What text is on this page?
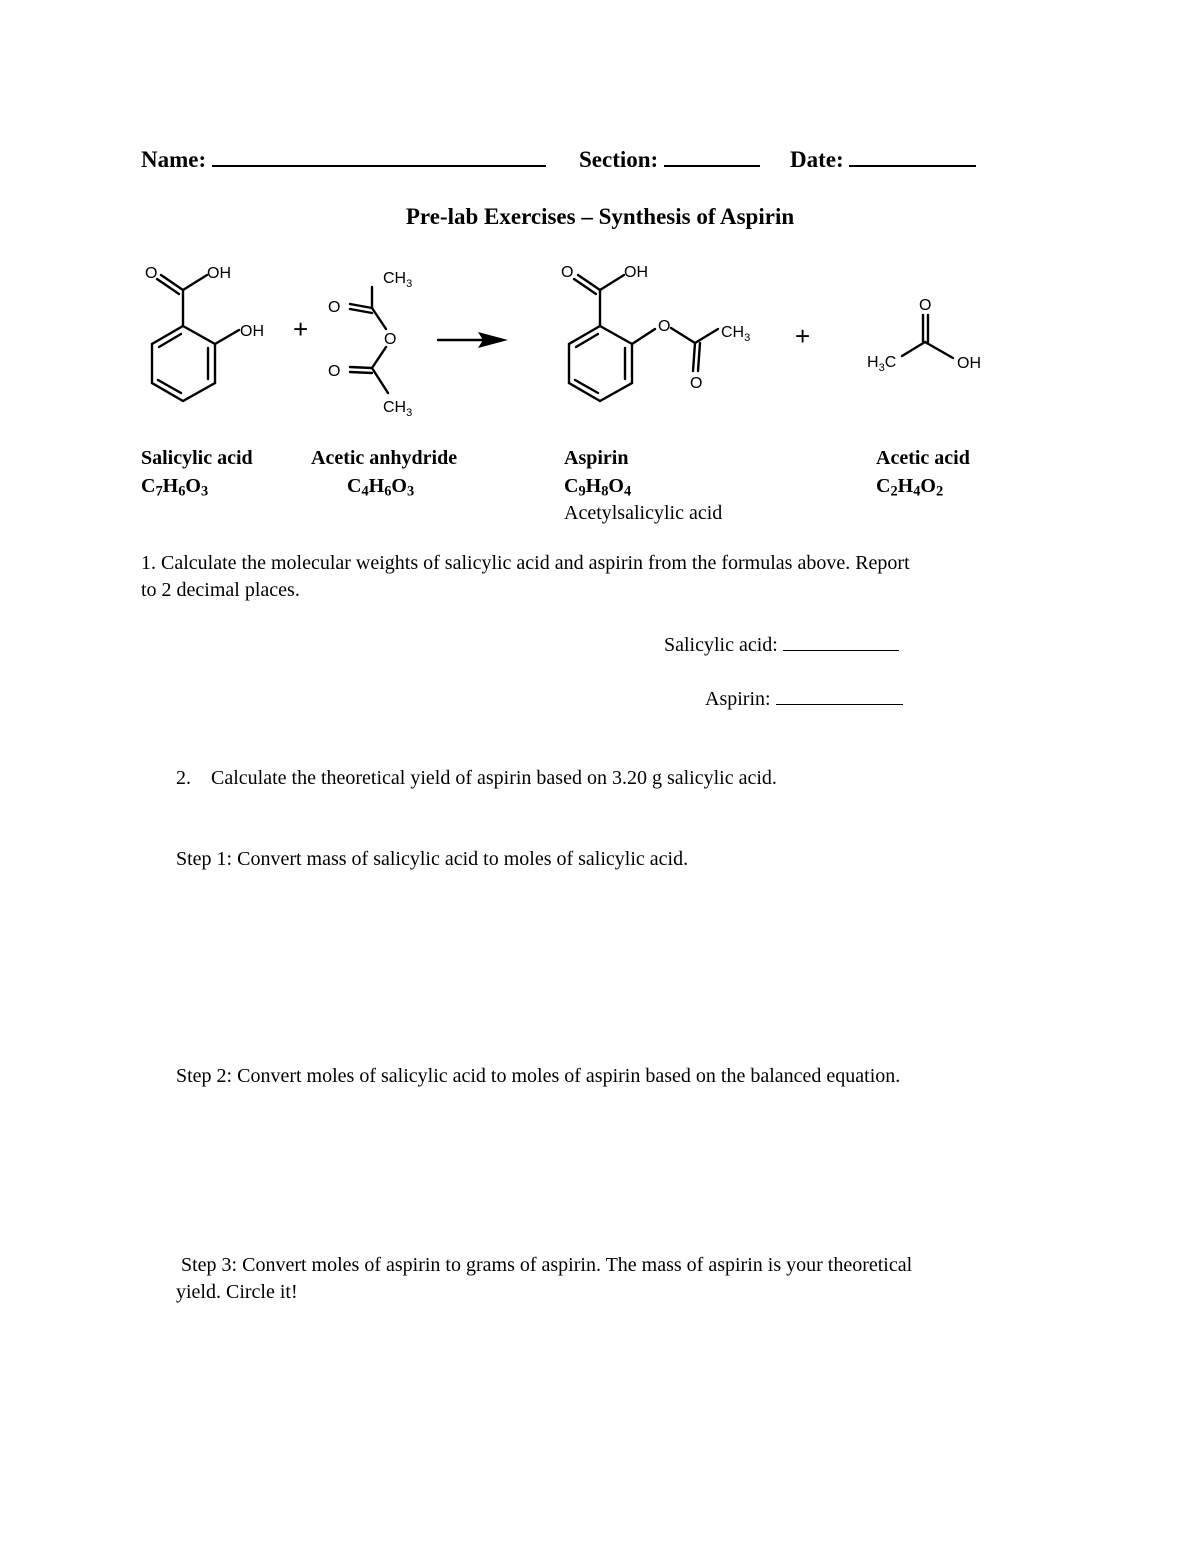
Name:	Section:	Date:
Pre-lab Exercises – Synthesis of Aspirin
O	OH
OH
$CH_3$
O
O
O
$CH_3$
O	OH
O	$CH_3$
O
O
$H_3C$	OH
+	+
Salicylic acid
$C_7H_6O_3$
Acetic anhydride
$C_4H_6O_3$
Aspirin
$C_9H_8O_4$
Acetylsalicylic acid
Acetic acid
$C_2H_4O_2$
1. Calculate the molecular weights of salicylic acid and aspirin from the formulas above. Report
to 2 decimal places.
Salicylic acid:
Aspirin:
2. Calculate the theoretical yield of aspirin based on 3.20 g salicylic acid.
Step 1: Convert mass of salicylic acid to moles of salicylic acid.
Step 2: Convert moles of salicylic acid to moles of aspirin based on the balanced equation.
Step 3: Convert moles of aspirin to grams of aspirin. The mass of aspirin is your theoretical
yield. Circle it!
